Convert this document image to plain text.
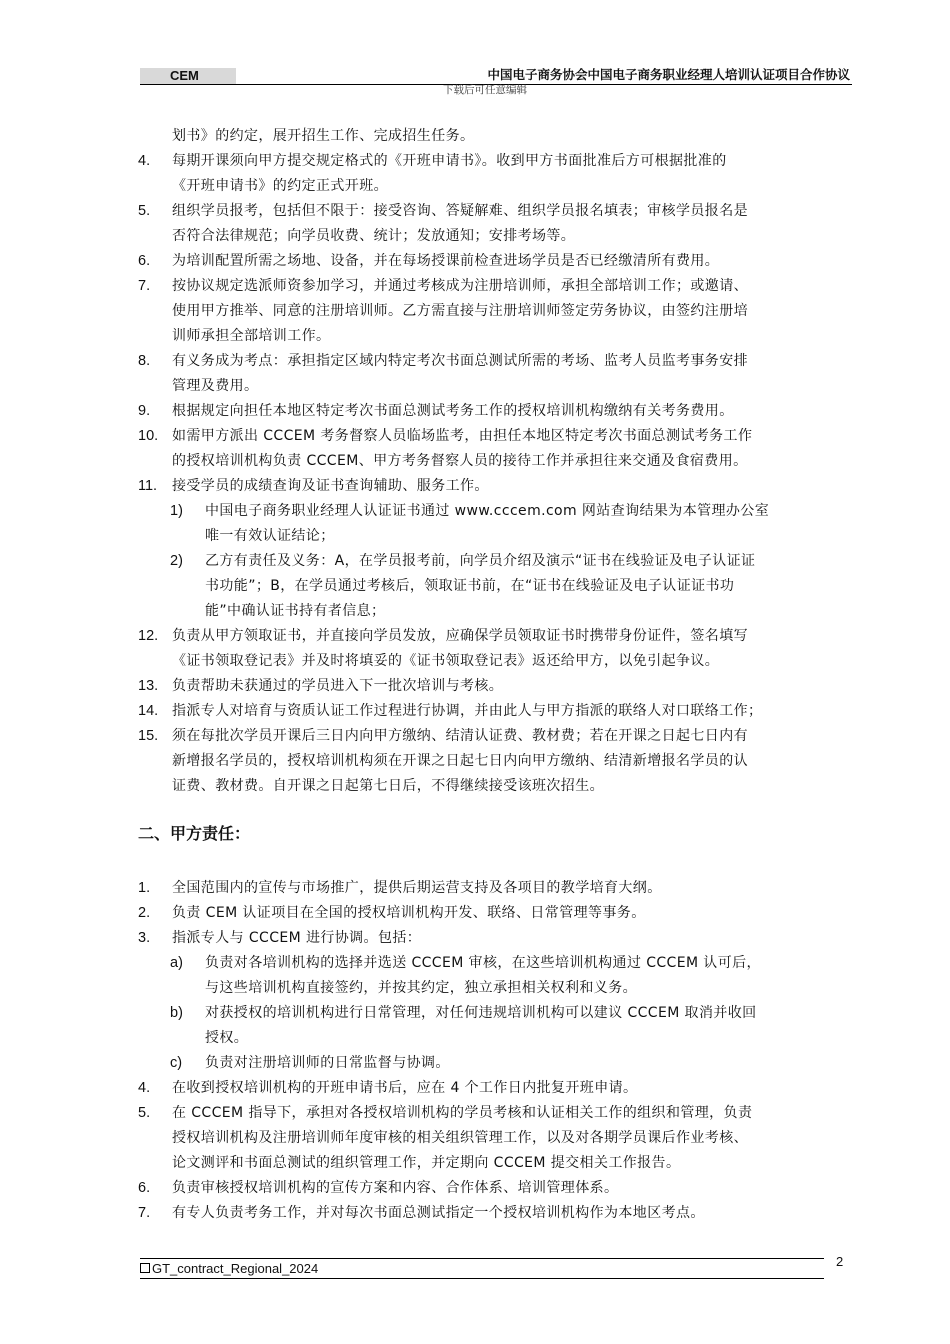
CEM	中国电子商务协会中国电子商务职业经理人培训认证项目合作协议
下载后可任意编辑
划书》的约定，展开招生工作、完成招生任务。
4. 每期开课须向甲方提交规定格式的《开班申请书》。收到甲方书面批准后方可根据批准的
《开班申请书》的约定正式开班。
5. 组织学员报考，包括但不限于：接受咨询、答疑解难、组织学员报名填表；审核学员报名是
否符合法律规范；向学员收费、统计；发放通知；安排考场等。
6. 为培训配置所需之场地、设备，并在每场授课前检查进场学员是否已经缴清所有费用。
7. 按协议规定选派师资参加学习，并通过考核成为注册培训师，承担全部培训工作；或邀请、
使用甲方推举、同意的注册培训师。乙方需直接与注册培训师签定劳务协议，由签约注册培
训师承担全部培训工作。
8. 有义务成为考点：承担指定区域内特定考次书面总测试所需的考场、监考人员监考事务安排
管理及费用。
9. 根据规定向担任本地区特定考次书面总测试考务工作的授权培训机构缴纳有关考务费用。
10. 如需甲方派出 CCCEM 考务督察人员临场监考，由担任本地区特定考次书面总测试考务工作
的授权培训机构负责 CCCEM、甲方考务督察人员的接待工作并承担往来交通及食宿费用。
11. 接受学员的成绩查询及证书查询辅助、服务工作。
1) 中国电子商务职业经理人认证证书通过 www.cccem.com 网站查询结果为本管理办公室
唯一有效认证结论；
2) 乙方有责任及义务：A，在学员报考前，向学员介绍及演示“证书在线验证及电子认证证
书功能”；B，在学员通过考核后，领取证书前，在“证书在线验证及电子认证证书功
能”中确认证书持有者信息；
12. 负责从甲方领取证书，并直接向学员发放，应确保学员领取证书时携带身份证件，签名填写
《证书领取登记表》并及时将填妥的《证书领取登记表》返还给甲方，以免引起争议。
13. 负责帮助未获通过的学员进入下一批次培训与考核。
14. 指派专人对培育与资质认证工作过程进行协调，并由此人与甲方指派的联络人对口联络工作；
15. 须在每批次学员开课后三日内向甲方缴纳、结清认证费、教材费；若在开课之日起七日内有
新增报名学员的，授权培训机构须在开课之日起七日内向甲方缴纳、结清新增报名学员的认
证费、教材费。自开课之日起第七日后，不得继续接受该班次招生。
二、甲方责任：
1. 全国范围内的宣传与市场推广，提供后期运营支持及各项目的教学培育大纲。
2. 负责 CEM 认证项目在全国的授权培训机构开发、联络、日常管理等事务。
3. 指派专人与 CCCEM 进行协调。包括：
a) 负责对各培训机构的选择并选送 CCCEM 审核，在这些培训机构通过 CCCEM 认可后，
与这些培训机构直接签约，并按其约定，独立承担相关权利和义务。
b) 对获授权的培训机构进行日常管理，对任何违规培训机构可以建议 CCCEM 取消并收回
授权。
c) 负责对注册培训师的日常监督与协调。
4. 在收到授权培训机构的开班申请书后，应在 4 个工作日内批复开班申请。
5. 在 CCCEM 指导下，承担对各授权培训机构的学员考核和认证相关工作的组织和管理，负责
授权培训机构及注册培训师年度审核的相关组织管理工作，以及对各期学员课后作业考核、
论文测评和书面总测试的组织管理工作，并定期向 CCCEM 提交相关工作报告。
6. 负责审核授权培训机构的宣传方案和内容、合作体系、培训管理体系。
7. 有专人负责考务工作，并对每次书面总测试指定一个授权培训机构作为本地区考点。
GT_contract_Regional_2024	2
